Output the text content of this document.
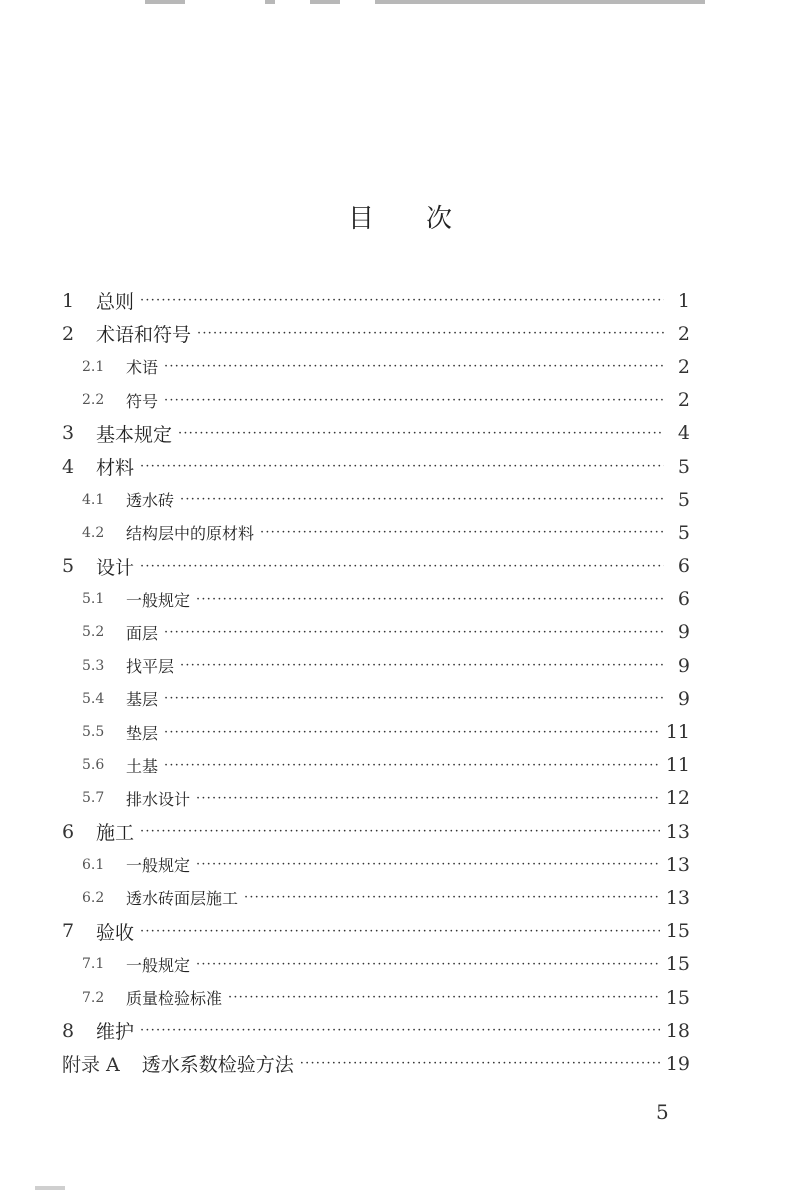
目次
1	总则 ·····	1
2	术语和符号 ·····	2
2.1	术语 ·····	2
2.2	符号 ·····	2
3	基本规定 ·····	4
4	材料 ·····	5
4.1	透水砖 ·····	5
4.2	结构层中的原材料 ·····	5
5	设计 ·····	6
5.1	一般规定 ·····	6
5.2	面层 ·····	9
5.3	找平层 ·····	9
5.4	基层 ·····	9
5.5	垫层 ·····	11
5.6	土基 ·····	11
5.7	排水设计 ·····	12
6	施工 ·····	13
6.1	一般规定 ·····	13
6.2	透水砖面层施工 ·····	13
7	验收 ·····	15
7.1	一般规定 ·····	15
7.2	质量检验标准 ·····	15
8	维护 ·····	18
附录 A 透水系数检验方法 ·····	19
5
